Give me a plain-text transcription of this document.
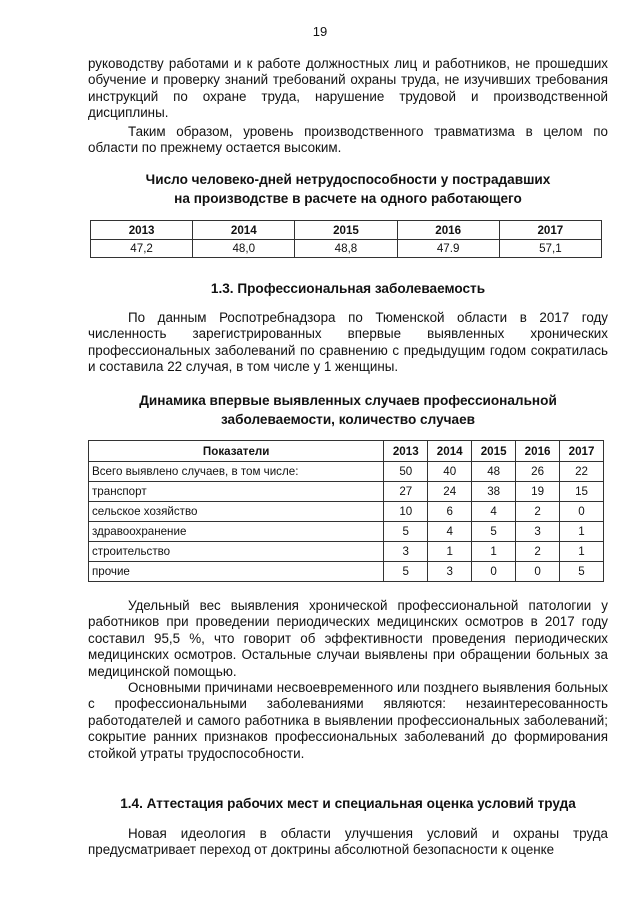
19

руководству работами и к работе должностных лиц и работников, не прошедших обучение и проверку знаний требований охраны труда, не изучивших требования инструкций по охране труда, нарушение трудовой и производственной дисциплины.

Таким образом, уровень производственного травматизма в целом по области по прежнему остается высоким.

Число человеко-дней нетрудоспособности у пострадавших
на производстве в расчете на одного работающего
2013	2014	2015	2016	2017
47,2	48,0	48,8	47.9	57,1
1.3. Профессиональная заболеваемость

По данным Роспотребнадзора по Тюменской области в 2017 году численность зарегистрированных впервые выявленных хронических профессиональных заболеваний по сравнению с предыдущим годом сократилась и составила 22 случая, в том числе у 1 женщины.

Динамика впервые выявленных случаев профессиональной
заболеваемости, количество случаев
Показатели	2013	2014	2015	2016	2017
Всего выявлено случаев, в том числе:	50	40	48	26	22
транспорт	27	24	38	19	15
сельское хозяйство	10	6	4	2	0
здравоохранение	5	4	5	3	1
строительство	3	1	1	2	1
прочие	5	3	0	0	5

Удельный вес выявления хронической профессиональной патологии у работников при проведении периодических медицинских осмотров в 2017 году составил 95,5 %, что говорит об эффективности проведения периодических медицинских осмотров. Остальные случаи выявлены при обращении больных за медицинской помощью.

Основными причинами несвоевременного или позднего выявления больных с профессиональными заболеваниями являются: незаинтересованность работодателей и самого работника в выявлении профессиональных заболеваний; сокрытие ранних признаков профессиональных заболеваний до формирования стойкой утраты трудоспособности.

1.4. Аттестация рабочих мест и специальная оценка условий труда

Новая идеология в области улучшения условий и охраны труда предусматривает переход от доктрины абсолютной безопасности к оценке
